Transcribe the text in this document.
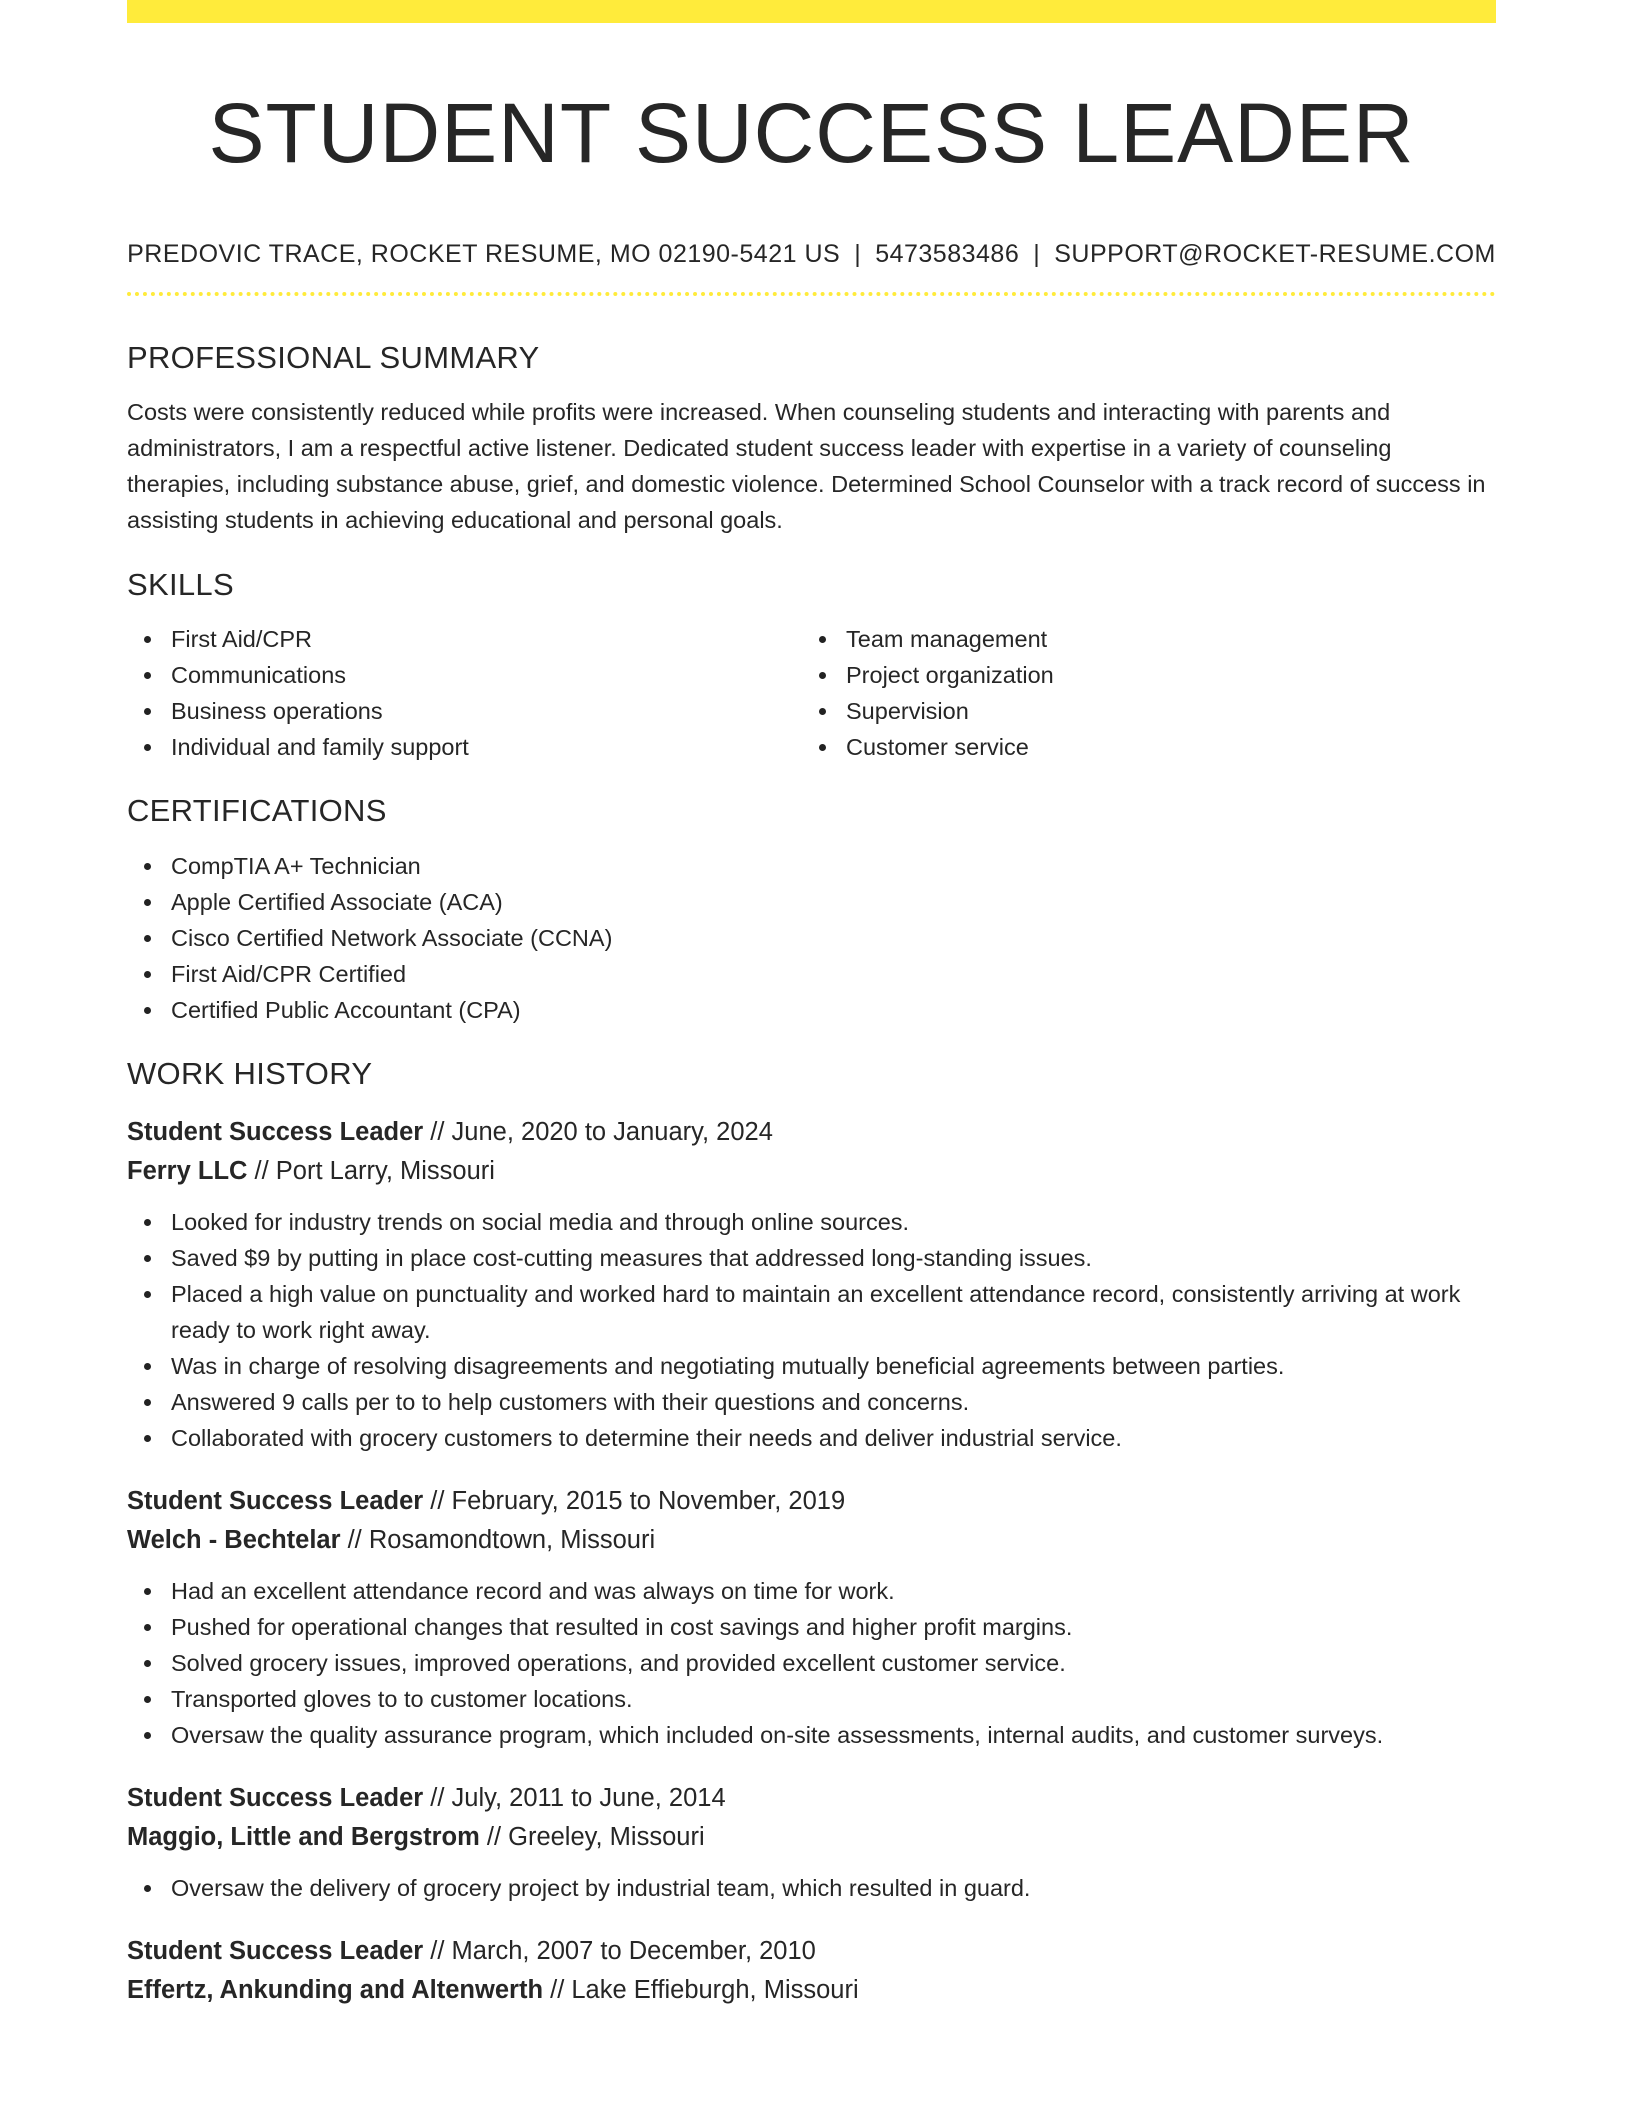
STUDENT SUCCESS LEADER
PREDOVIC TRACE, ROCKET RESUME, MO 02190-5421 US | 5473583486 | SUPPORT@ROCKET-RESUME.COM
PROFESSIONAL SUMMARY

Costs were consistently reduced while profits were increased. When counseling students and interacting with parents and administrators, I am a respectful active listener. Dedicated student success leader with expertise in a variety of counseling therapies, including substance abuse, grief, and domestic violence. Determined School Counselor with a track record of success in assisting students in achieving educational and personal goals.

SKILLS
First Aid/CPR
Communications
Business operations
Individual and family support
Team management
Project organization
Supervision
Customer service
CERTIFICATIONS
CompTIA A+ Technician
Apple Certified Associate (ACA)
Cisco Certified Network Associate (CCNA)
First Aid/CPR Certified
Certified Public Accountant (CPA)
WORK HISTORY
Student Success Leader // June, 2020 to January, 2024
Ferry LLC // Port Larry, Missouri
Looked for industry trends on social media and through online sources.
Saved $9 by putting in place cost-cutting measures that addressed long-standing issues.
Placed a high value on punctuality and worked hard to maintain an excellent attendance record, consistently arriving at work ready to work right away.
Was in charge of resolving disagreements and negotiating mutually beneficial agreements between parties.
Answered 9 calls per to to help customers with their questions and concerns.
Collaborated with grocery customers to determine their needs and deliver industrial service.
Student Success Leader // February, 2015 to November, 2019
Welch - Bechtelar // Rosamondtown, Missouri
Had an excellent attendance record and was always on time for work.
Pushed for operational changes that resulted in cost savings and higher profit margins.
Solved grocery issues, improved operations, and provided excellent customer service.
Transported gloves to to customer locations.
Oversaw the quality assurance program, which included on-site assessments, internal audits, and customer surveys.
Student Success Leader // July, 2011 to June, 2014
Maggio, Little and Bergstrom // Greeley, Missouri
Oversaw the delivery of grocery project by industrial team, which resulted in guard.
Student Success Leader // March, 2007 to December, 2010
Effertz, Ankunding and Altenwerth // Lake Effieburgh, Missouri
